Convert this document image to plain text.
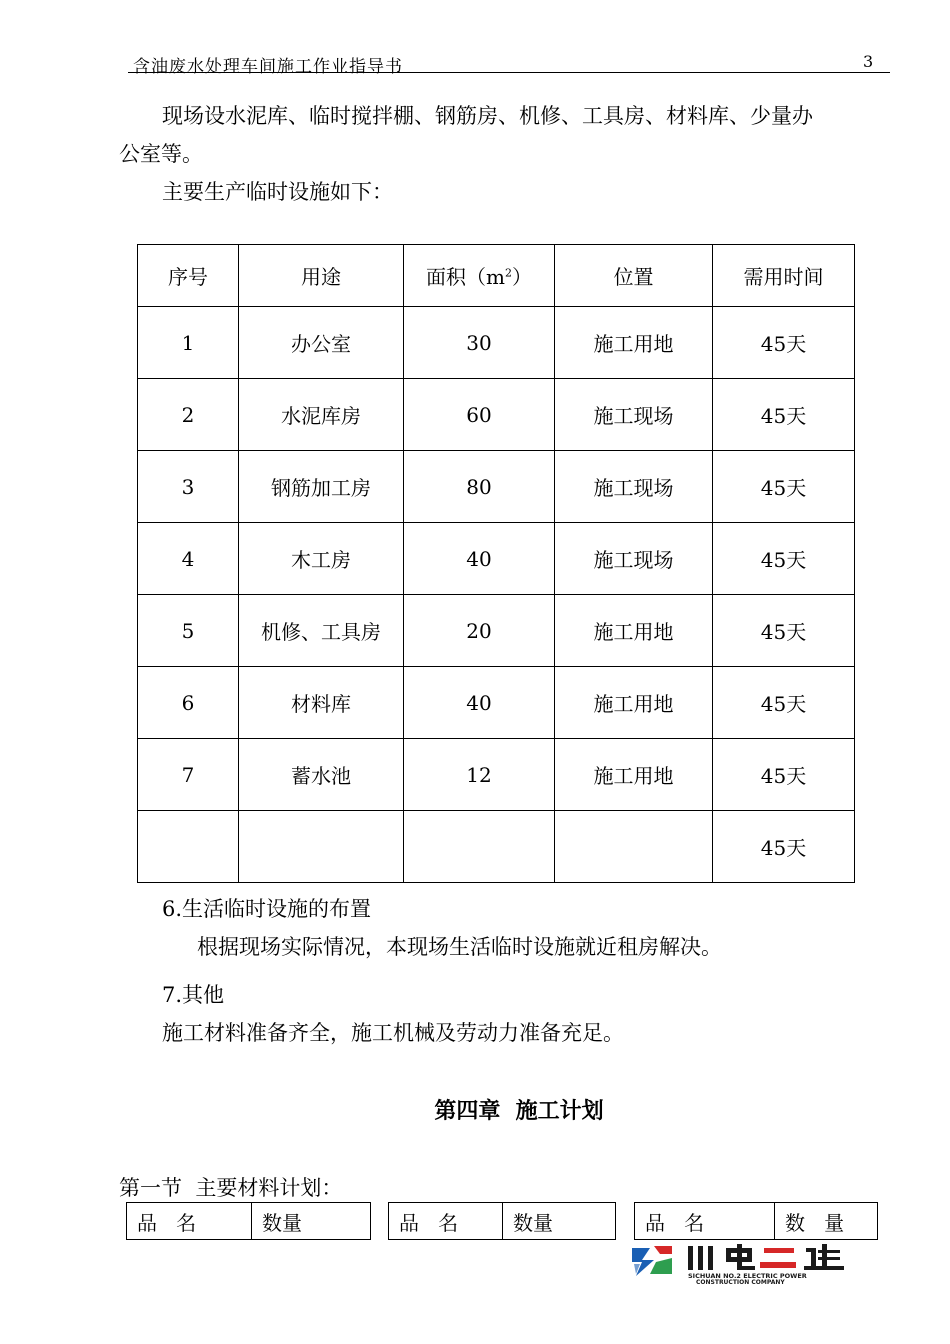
含油废水处理车间施工作业指导书	3
现场设水泥库、临时搅拌棚、钢筋房、机修、工具房、材料库、少量办
公室等。
主要生产临时设施如下：
序号	用途	面积$(m^2)$	位置	需用时间
1	办公室	30	施工用地	45天
2	水泥库房	60	施工现场	45天
3	钢筋加工房	80	施工现场	45天
4	木工房	40	施工现场	45天
5	机修、工具房	20	施工用地	45天
6	材料库	40	施工用地	45天
7	蓄水池	12	施工用地	45天
				45天
6.生活临时设施的布置
根据现场实际情况，本现场生活临时设施就近租房解决。
7.其他
施工材料准备齐全，施工机械及劳动力准备充足。
第四章  施工计划
第一节  主要材料计划：
品   名	数量	品   名	数量	品   名	数   量
SICHUAN NO.2 ELECTRIC POWER
CONSTRUCTION COMPANY
